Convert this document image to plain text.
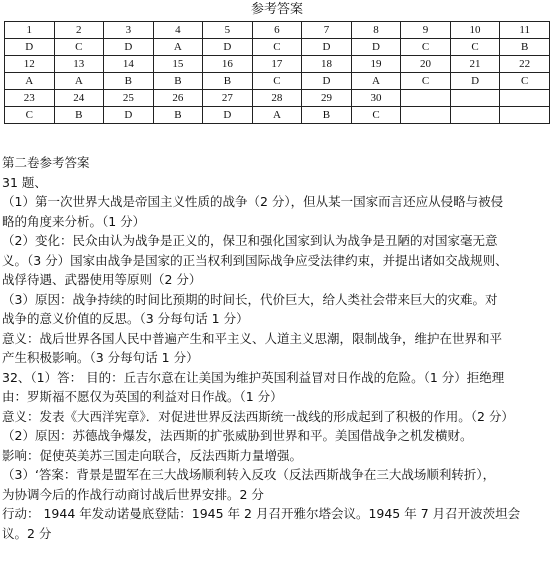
参考答案
1	2	3	4	5	6	7	8	9	10	11
D	C	D	A	D	C	D	D	C	C	B
12	13	14	15	16	17	18	19	20	21	22
A	A	B	B	B	C	D	A	C	D	C
23	24	25	26	27	28	29	30			
C	B	D	B	D	A	B	C			
第二卷参考答案
31 题、
（1）第一次世界大战是帝国主义性质的战争（2 分），但从某一国家而言还应从侵略与被侵
略的角度来分析。（1 分）
（2）变化：民众由认为战争是正义的，保卫和强化国家到认为战争是丑陋的对国家毫无意
义。（3 分）国家由战争是国家的正当权利到国际战争应受法律约束，并提出诸如交战规则、
战俘待遇、武器使用等原则（2 分）
（3）原因：战争持续的时间比预期的时间长，代价巨大，给人类社会带来巨大的灾难。对
战争的意义价值的反思。（3 分每句话 1 分）
意义：战后世界各国人民中普遍产生和平主义、人道主义思潮，限制战争，维护在世界和平
产生积极影响。（3 分每句话 1 分）
32、（1）答： 目的：丘吉尔意在让美国为维护英国利益冒对日作战的危险。（1 分）拒绝理
由：罗斯福不愿仅为英国的利益对日作战。（1 分）
意义：发表《大西洋宪章》．对促进世界反法西斯统一战线的形成起到了积极的作用。（2 分）
（2）原因：苏德战争爆发，法西斯的扩张威胁到世界和平。美国借战争之机发横财。
影响：促使英美苏三国走向联合，反法西斯力量增强。
（3）‘答案：背景是盟军在三大战场顺利转入反攻（反法西斯战争在三大战场顺利转折），
为协调今后的作战行动商讨战后世界安排。2 分
行动： 1944 年发动诺曼底登陆：1945 年 2 月召开雅尔塔会议。1945 年 7 月召开波茨坦会
议。2 分
